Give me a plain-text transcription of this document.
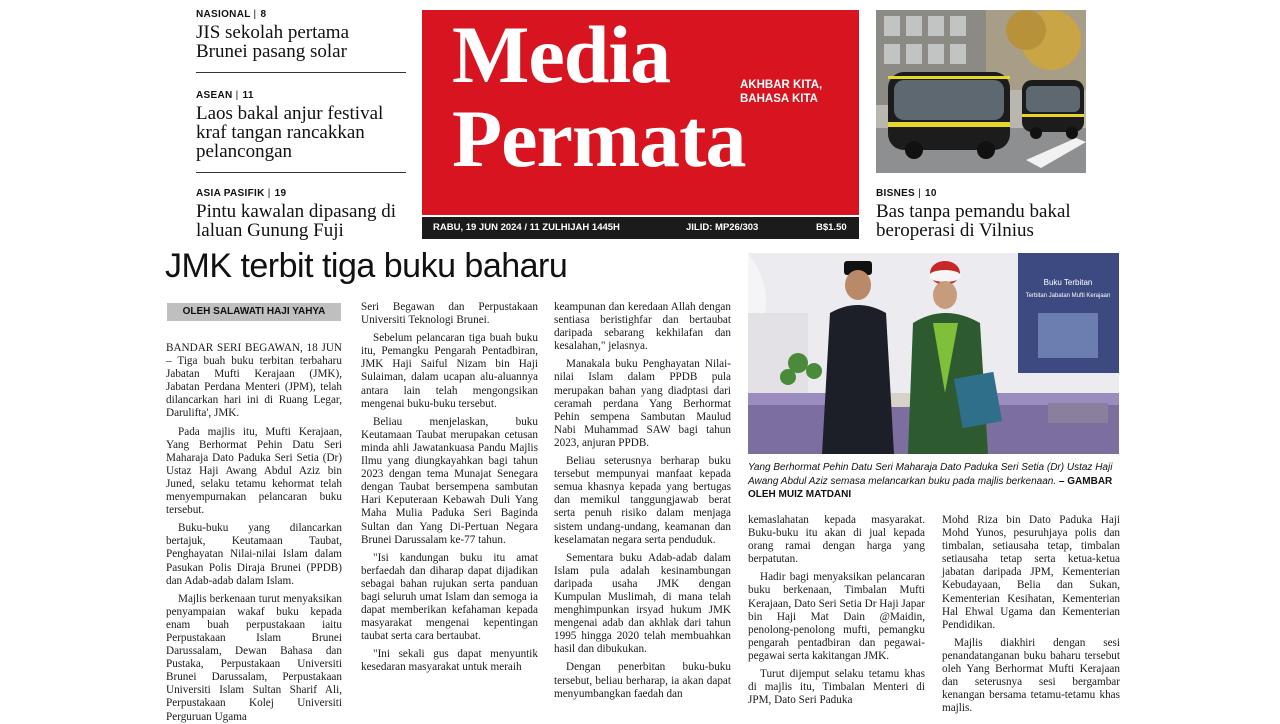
NASIONAL | 8
JIS sekolah pertama Brunei pasang solar
ASEAN | 11
Laos bakal anjur festival kraf tangan rancakkan pelancongan
ASIA PASIFIK | 19
Pintu kawalan dipasang di laluan Gunung Fuji
Media
Permata
AKHBAR KITA,
BAHASA KITA
RABU, 19 JUN 2024 / 11 ZULHIJAH 1445H	JILID: MP26/303	B$1.50
BISNES | 10
Bas tanpa pemandu bakal beroperasi di Vilnius
JMK terbit tiga buku baharu
OLEH SALAWATI HAJI YAHYA

BANDAR SERI BEGAWAN, 18 JUN – Tiga buah buku terbitan terbaharu Jabatan Mufti Kerajaan (JMK), Jabatan Perdana Menteri (JPM), telah dilancarkan hari ini di Ruang Legar, Darulifta', JMK.

Pada majlis itu, Mufti Kerajaan, Yang Berhormat Pehin Datu Seri Maharaja Dato Paduka Seri Setia (Dr) Ustaz Haji Awang Abdul Aziz bin Juned, selaku tetamu kehormat telah menyempurnakan pelancaran buku tersebut.

Buku-buku yang dilancarkan bertajuk, Keutamaan Taubat, Penghayatan Nilai-nilai Islam dalam Pasukan Polis Diraja Brunei (PPDB) dan Adab-adab dalam Islam.

Majlis berkenaan turut menyaksikan penyampaian wakaf buku kepada enam buah perpustakaan iaitu Perpustakaan Islam Brunei Darussalam, Dewan Bahasa dan Pustaka, Perpustakaan Universiti Brunei Darussalam, Perpustakaan Universiti Islam Sultan Sharif Ali, Perpustakaan Kolej Universiti Perguruan Ugama

Seri Begawan dan Perpustakaan Universiti Teknologi Brunei.

Sebelum pelancaran tiga buah buku itu, Pemangku Pengarah Pentadbiran, JMK Haji Saiful Nizam bin Haji Sulaiman, dalam ucapan alu-aluannya antara lain telah mengongsikan mengenai buku-buku tersebut.

Beliau menjelaskan, buku Keutamaan Taubat merupakan cetusan minda ahli Jawatankuasa Pandu Majlis Ilmu yang diungkayahkan bagi tahun 2023 dengan tema Munajat Senegara dengan Taubat bersempena sambutan Hari Keputeraan Kebawah Duli Yang Maha Mulia Paduka Seri Baginda Sultan dan Yang Di-Pertuan Negara Brunei Darussalam ke-77 tahun.

"Isi kandungan buku itu amat berfaedah dan diharap dapat dijadikan sebagai bahan rujukan serta panduan bagi seluruh umat Islam dan semoga ia dapat memberikan kefahaman kepada masyarakat mengenai kepentingan taubat serta cara bertaubat.

"Ini sekali gus dapat menyuntik kesedaran masyarakat untuk meraih

keampunan dan keredaan Allah dengan sentiasa beristighfar dan bertaubat daripada sebarang kekhilafan dan kesalahan," jelasnya.

Manakala buku Penghayatan Nilai-nilai Islam dalam PPDB pula merupakan bahan yang diadptasi dari ceramah perdana Yang Berhormat Pehin sempena Sambutan Maulud Nabi Muhammad SAW bagi tahun 2023, anjuran PPDB.

Beliau seterusnya berharap buku tersebut mempunyai manfaat kepada semua khasnya kepada yang bertugas dan memikul tanggungjawab berat serta penuh risiko dalam menjaga sistem undang-undang, keamanan dan keselamatan negara serta penduduk.

Sementara buku Adab-adab dalam Islam pula adalah kesinambungan daripada usaha JMK dengan Kumpulan Muslimah, di mana telah menghimpunkan irsyad hukum JMK mengenai adab dan akhlak dari tahun 1995 hingga 2020 telah membuahkan hasil dan dibukukan.

Dengan penerbitan buku-buku tersebut, beliau berharap, ia akan dapat menyumbangkan faedah dan

Buku Terbitan
Terbitan Jabatan Mufti Kerajaan
Yang Berhormat Pehin Datu Seri Maharaja Dato Paduka Seri Setia (Dr) Ustaz Haji Awang Abdul Aziz semasa melancarkan buku pada majlis berkenaan. – GAMBAR OLEH MUIZ MATDANI

kemaslahatan kepada masyarakat. Buku-buku itu akan di jual kepada orang ramai dengan harga yang berpatutan.

Hadir bagi menyaksikan pelancaran buku berkenaan, Timbalan Mufti Kerajaan, Dato Seri Setia Dr Haji Japar bin Haji Mat Dain @Maidin, penolong-penolong mufti, pemangku pengarah pentadbiran dan pegawai-pegawai serta kakitangan JMK.

Turut dijemput selaku tetamu khas di majlis itu, Timbalan Menteri di JPM, Dato Seri Paduka

Mohd Riza bin Dato Paduka Haji Mohd Yunos, pesuruhjaya polis dan timbalan, setiausaha tetap, timbalan setiausaha tetap serta ketua-ketua jabatan daripada JPM, Kementerian Kebudayaan, Belia dan Sukan, Kementerian Kesihatan, Kementerian Hal Ehwal Ugama dan Kementerian Pendidikan.

Majlis diakhiri dengan sesi penandatanganan buku baharu tersebut oleh Yang Berhormat Mufti Kerajaan dan seterusnya sesi bergambar kenangan bersama tetamu-tetamu khas majlis.
